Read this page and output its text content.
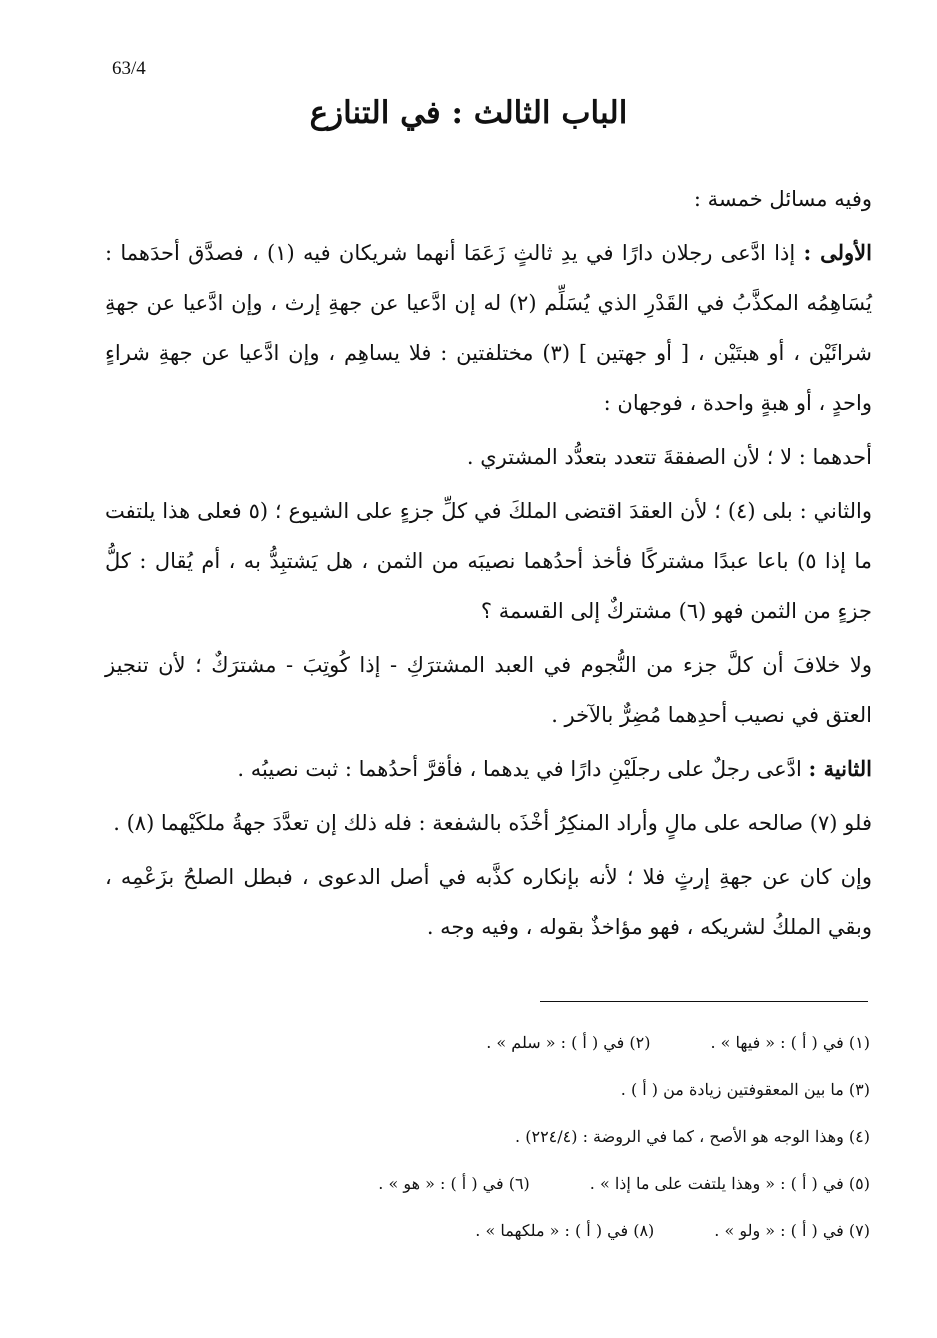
63/4
الباب الثالث : في التنازع

وفيه مسائل خمسة :

الأولى : إذا ادَّعى رجلان دارًا في يدِ ثالثٍ زَعَمَا أنهما شريكان فيه (١) ، فصدَّق أحدَهما : يُسَاهِمُه المكذَّبُ في القَدْرِ الذي يُسَلِّم (٢) له إن ادَّعيا عن جهةِ إرث ، وإن ادَّعيا عن جهةِ شرائَيْن ، أو هبتَيْن ، [ أو جهتين ] (٣) مختلفتين : فلا يساهِم ، وإن ادَّعيا عن جهةِ شراءٍ واحدٍ ، أو هبةٍ واحدة ، فوجهان :

أحدهما : لا ؛ لأن الصفقةَ تتعدد بتعدُّد المشتري .

والثاني : بلى (٤) ؛ لأن العقدَ اقتضى الملكَ في كلِّ جزءٍ على الشيوع ؛ (٥ فعلى هذا يلتفت ما إذا ٥) باعا عبدًا مشتركًا فأخذ أحدُهما نصيبَه من الثمن ، هل يَشتبِدُّ به ، أم يُقال : كلُّ جزءٍ من الثمن فهو (٦) مشتركٌ إلى القسمة ؟

ولا خلافَ أن كلَّ جزء من النُّجوم في العبد المشترَكِ - إذا كُوتِبَ - مشترَكٌ ؛ لأن تنجيز العتق في نصيب أحدِهما مُضِرٌّ بالآخر .

الثانية : ادَّعى رجلٌ على رجلَيْنِ دارًا في يدهما ، فأقرَّ أحدُهما : ثبت نصيبُه .

فلو (٧) صالحه على مالٍ وأراد المنكِرُ أخْذَه بالشفعة : فله ذلك إن تعدَّدَ جهةُ ملكَيْهما (٨) .

وإن كان عن جهةِ إرثٍ فلا ؛ لأنه بإنكاره كذَّبه في أصل الدعوى ، فبطل الصلحُ بزَعْمِه ، وبقي الملكُ لشريكه ، فهو مؤاخذٌ بقوله ، وفيه وجه .

(١) في ( أ ) : « فيها » .
(٢) في ( أ ) : « سلم » .
(٣) ما بين المعقوفتين زيادة من ( أ ) .
(٤) وهذا الوجه هو الأصح ، كما في الروضة : (٢٢٤/٤) .
(٥) في ( أ ) : « وهذا يلتفت على ما إذا » .
(٦) في ( أ ) : « هو » .
(٧) في ( أ ) : « ولو » .
(٨) في ( أ ) : « ملكهما » .
